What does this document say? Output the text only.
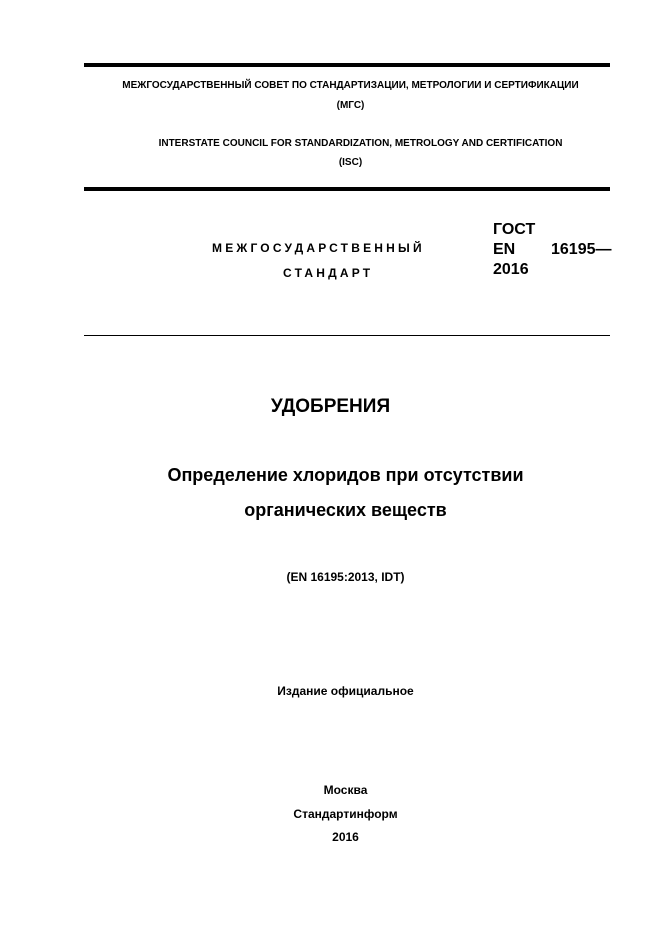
МЕЖГОСУДАРСТВЕННЫЙ СОВЕТ ПО СТАНДАРТИЗАЦИИ, МЕТРОЛОГИИ И СЕРТИФИКАЦИИ
(МГС)
INTERSTATE COUNCIL FOR STANDARDIZATION, METROLOGY AND CERTIFICATION
(ISC)
МЕЖГОСУДАРСТВЕННЫЙ
СТАНДАРТ
ГОСТ
EN 16195—
2016
УДОБРЕНИЯ
Определение хлоридов при отсутствии
органических веществ
(EN 16195:2013, IDT)
Издание официальное
Москва
Стандартинформ
2016
